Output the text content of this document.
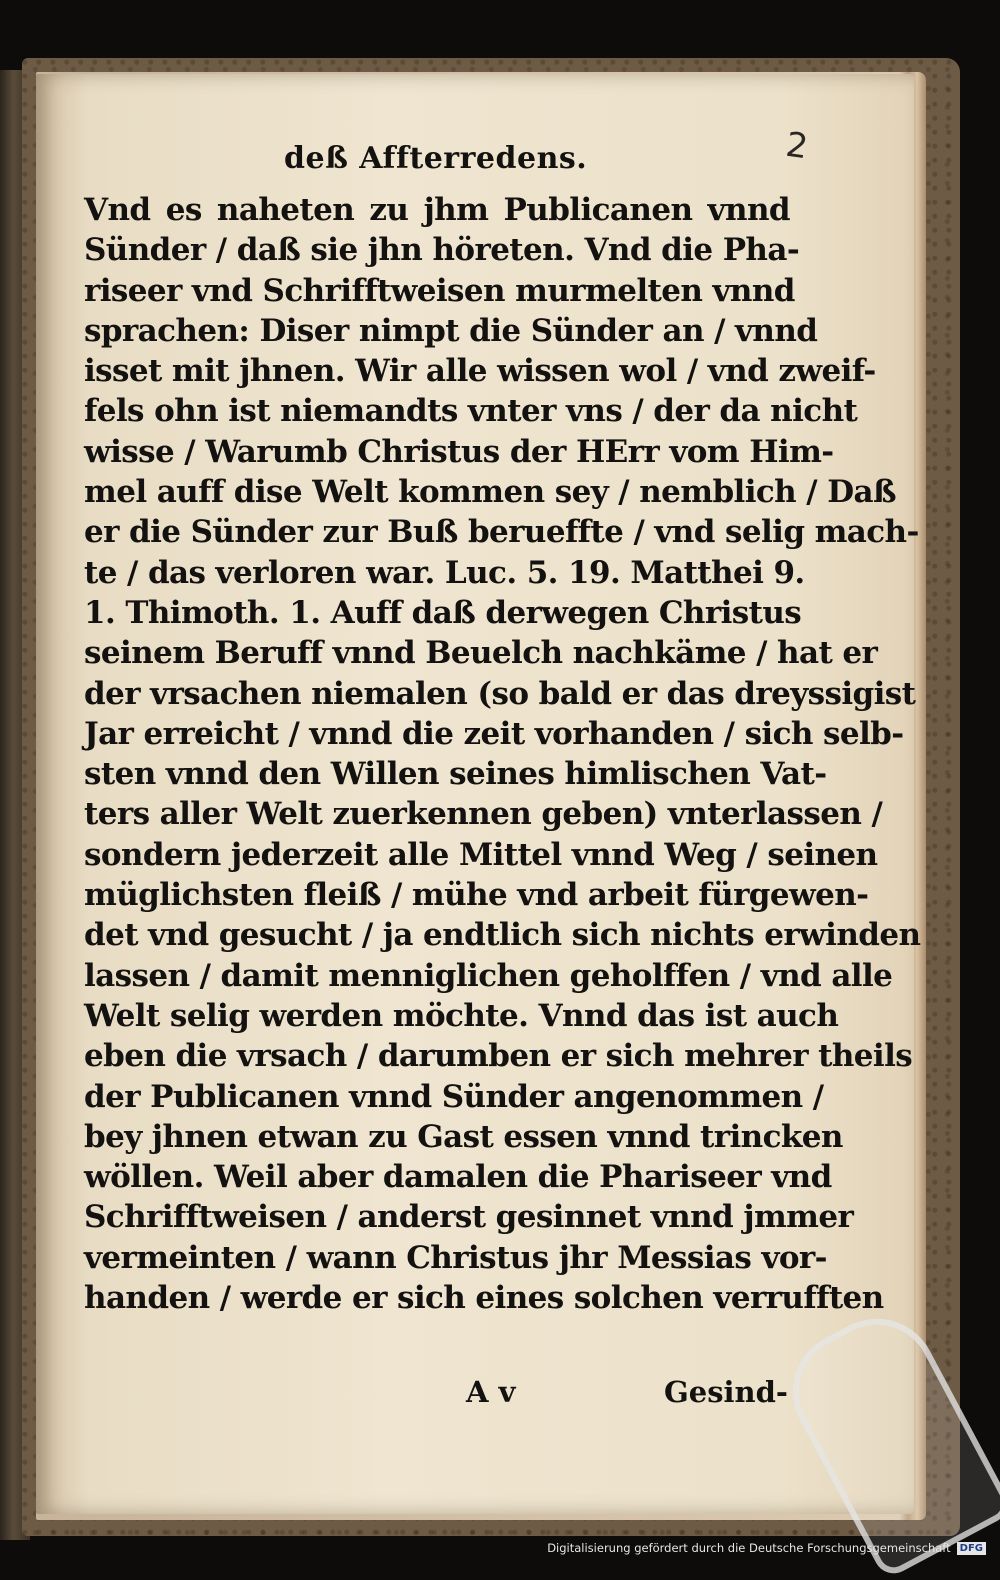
deß Affterredens.	2
Vnd es naheten zu jhm Publicanen vnnd
Sünder / daß sie jhn höreten. Vnd die Pha-
riseer vnd Schrifftweisen murmelten vnnd
sprachen: Diser nimpt die Sünder an / vnnd
isset mit jhnen. Wir alle wissen wol / vnd zweif-
fels ohn ist niemandts vnter vns / der da nicht
wisse / Warumb Christus der HErr vom Him-
mel auff dise Welt kommen sey / nemblich / Daß
er die Sünder zur Buß berueffte / vnd selig mach-
te / das verloren war. Luc. 5. 19. Matthei 9.
1. Thimoth. 1. Auff daß derwegen Christus
seinem Beruff vnnd Beuelch nachkäme / hat er
der vrsachen niemalen (so bald er das dreyssigist
Jar erreicht / vnnd die zeit vorhanden / sich selb-
sten vnnd den Willen seines himlischen Vat-
ters aller Welt zuerkennen geben) vnterlassen /
sondern jederzeit alle Mittel vnnd Weg / seinen
müglichsten fleiß / mühe vnd arbeit fürgewen-
det vnd gesucht / ja endtlich sich nichts erwinden
lassen / damit menniglichen geholffen / vnd alle
Welt selig werden möchte. Vnnd das ist auch
eben die vrsach / darumben er sich mehrer theils
der Publicanen vnnd Sünder angenommen /
bey jhnen etwan zu Gast essen vnnd trincken
wöllen. Weil aber damalen die Phariseer vnd
Schrifftweisen / anderst gesinnet vnnd jmmer
vermeinten / wann Christus jhr Messias vor-
handen / werde er sich eines solchen verrufften
A v	Gesind-
Digitalisierung gefördert durch die Deutsche Forschungsgemeinschaft DFG
